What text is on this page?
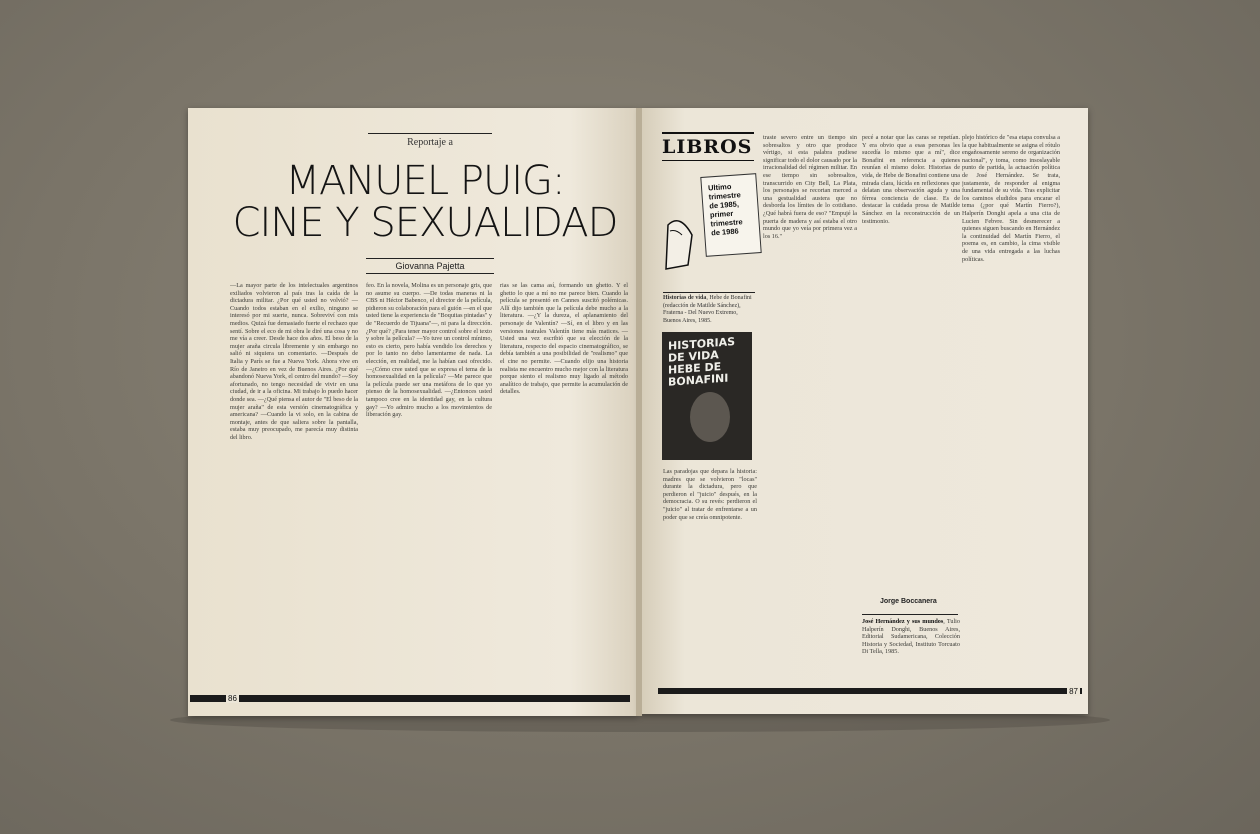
Reportaje a
MANUEL PUIG:
CINE Y SEXUALIDAD
Giovanna Pajetta
—La mayor parte de los intelectuales argentinos exiliados volvieron al país tras la caída de la dictadura militar. ¿Por qué usted no volvió? —Cuando todos estaban en el exilio, ninguno se interesó por mi suerte, nunca. Sobreviví con mis medios. Quizá fue demasiado fuerte el rechazo que sentí. Sobre el eco de mi obra le diré una cosa y no me vía a creer. Desde hace dos años. El beso de la mujer araña circula libremente y sin embargo no salió ni siquiera un comentario. —Después de Italia y París se fue a Nueva York. Ahora vive en Río de Janeiro en vez de Buenos Aires. ¿Por qué abandonó Nueva York, el centro del mundo? —Soy afortunado, no tengo necesidad de vivir en una ciudad, de ir a la oficina. Mi trabajo lo puedo hacer donde sea. —¿Qué piensa el autor de "El beso de la mujer araña" de esta versión cinematográfica y americana? —Cuando la vi solo, en la cabina de montaje, antes de que saliera sobre la pantalla, estaba muy preocupado, me parecía muy distinta del libro.
feo. En la novela, Molina es un personaje gris, que no asume su cuerpo. —De todas maneras ni la CBS ni Héctor Babenco, el director de la película, pidieron su colaboración para el guión —en el que usted tiene la experiencia de "Boquitas pintadas" y de "Recuerdo de Tijuana"—, ni para la dirección. ¿Por qué? ¿Para tener mayor control sobre el texto y sobre la película? —Yo tuve un control mínimo, esto es cierto, pero había vendido los derechos y por lo tanto no debo lamentarme de nada. La elección, en realidad, me la habían casi ofrecido. —¿Cómo cree usted que se expresa el tema de la homosexualidad en la película? —Me parece que la película puede ser una metáfora de lo que yo pienso de la homosexualidad. —¿Entonces usted tampoco cree en la identidad gay, en la cultura gay? —Yo admiro mucho a los movimientos de liberación gay.
rias se las cama así, formando un ghetto. Y el ghetto lo que a mí no me parece bien. Cuando la película se presentó en Cannes suscitó polémicas. Allí dijo también que la película debe mucho a la literatura. —¿Y la dureza, el aplanamiento del personaje de Valentín? —Sí, en el libro y en las versiones teatrales Valentín tiene más matices. —Usted una vez escribió que su elección de la literatura, respecto del espacio cinematográfico, se debía también a una posibilidad de "realismo" que el cine no permite. —Cuando elijo una historia realista me encuentro mucho mejor con la literatura porque siento el realismo muy ligado al método analítico de trabajo, que permite la acumulación de detalles.
86
LIBROS
Ultimo trimestre de 1985, primer trimestre de 1986
Historias de vida, Hebe de Bonafini (redacción de Matilde Sánchez), Fraterna - Del Nuevo Extremo, Buenos Aires, 1985.
HISTORIAS DE VIDA HEBE DE BONAFINI
Las paradojas que depara la historia: madres que se volvieron "locas" durante la dictadura, pero que perdieron el "juicio" después, en la democracia. O su revés: perdieron el "juicio" al tratar de enfrentarse a un poder que se creía omnipotente.
traste severo entre un tiempo sin sobresaltos y otro que produce vértigo, si esta palabra pudiese significar todo el dolor causado por la irracionalidad del régimen militar. En ese tiempo sin sobresaltos, transcurrido en City Bell, La Plata, los personajes se recortan merced a una gestualidad austera que no desborda los límites de lo cotidiano. ¿Qué habrá fuera de eso? "Empujé la puerta de madera y así estaba el otro mundo que yo veía por primera vez a los 16."
pecé a notar que las caras se repetían. Y era obvio que a esas personas les sucedía lo mismo que a mí", dice Bonafini en referencia a quienes reunían el mismo dolor. Historias de vida, de Hebe de Bonafini contiene una mirada clara, lúcida en reflexiones que delatan una observación aguda y una férrea conciencia de clase. Es de destacar la cuidada prosa de Matilde Sánchez en la reconstrucción de un testimonio.
Jorge Boccanera
José Hernández y sus mundos, Tulio Halperín Donghi, Buenos Aires, Editorial Sudamericana, Colección Historia y Sociedad, Instituto Torcuato Di Tella, 1985.
plejo histórico de "esa etapa convulsa a la que habitualmente se asigna el rótulo engañosamente sereno de organización nacional", y toma, como insoslayable punto de partida, la actuación política de José Hernández. Se trata, justamente, de responder al enigma fundamental de su vida. Tras explicitar los caminos eludidos para encarar el tema (¿por qué Martín Fierro?), Halperín Donghi apela a una cita de Lucien Febvre. Sin desmerecer a quienes siguen buscando en Hernández la continuidad del Martín Fierro, el poema es, en cambio, la cima visible de una vida entregada a las luchas políticas.
87
